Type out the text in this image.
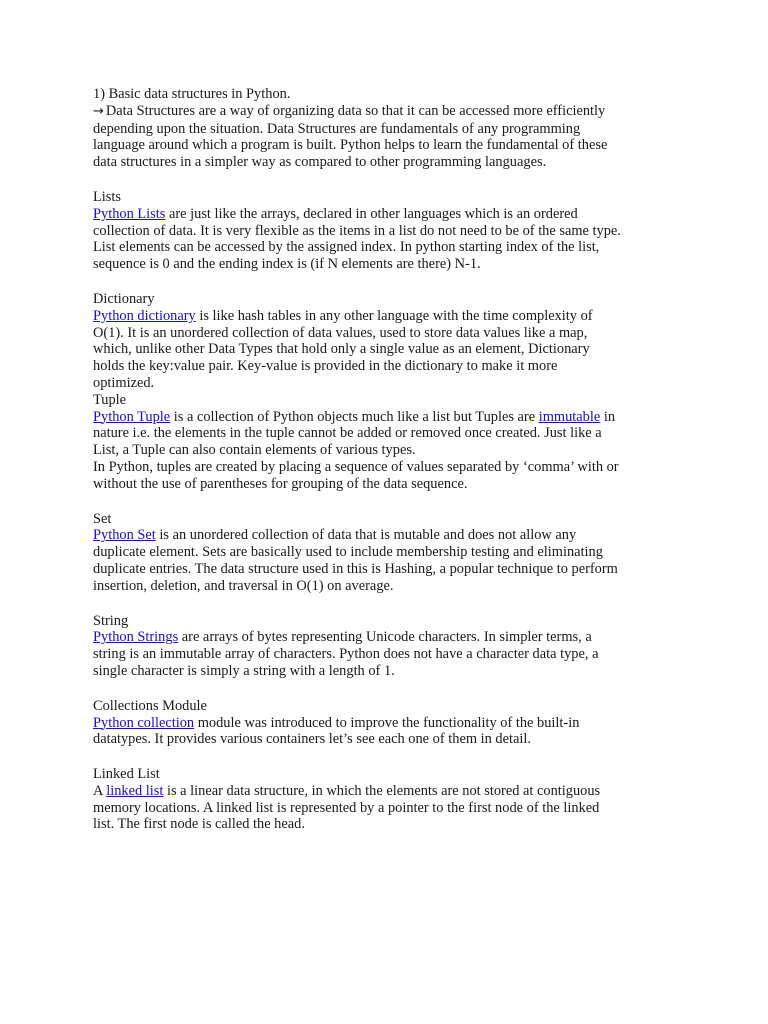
1) Basic data structures in Python.
→ Data Structures are a way of organizing data so that it can be accessed more efficiently
depending upon the situation. Data Structures are fundamentals of any programming
language around which a program is built. Python helps to learn the fundamental of these
data structures in a simpler way as compared to other programming languages.
Lists
Python Lists are just like the arrays, declared in other languages which is an ordered
collection of data. It is very flexible as the items in a list do not need to be of the same type.
List elements can be accessed by the assigned index. In python starting index of the list,
sequence is 0 and the ending index is (if N elements are there) N-1.
Dictionary
Python dictionary is like hash tables in any other language with the time complexity of
O(1). It is an unordered collection of data values, used to store data values like a map,
which, unlike other Data Types that hold only a single value as an element, Dictionary
holds the key:value pair. Key-value is provided in the dictionary to make it more
optimized.
Tuple
Python Tuple is a collection of Python objects much like a list but Tuples are immutable in
nature i.e. the elements in the tuple cannot be added or removed once created. Just like a
List, a Tuple can also contain elements of various types.
In Python, tuples are created by placing a sequence of values separated by ‘comma’ with or
without the use of parentheses for grouping of the data sequence.
Set
Python Set is an unordered collection of data that is mutable and does not allow any
duplicate element. Sets are basically used to include membership testing and eliminating
duplicate entries. The data structure used in this is Hashing, a popular technique to perform
insertion, deletion, and traversal in O(1) on average.
String
Python Strings are arrays of bytes representing Unicode characters. In simpler terms, a
string is an immutable array of characters. Python does not have a character data type, a
single character is simply a string with a length of 1.
Collections Module
Python collection module was introduced to improve the functionality of the built-in
datatypes. It provides various containers let’s see each one of them in detail.
Linked List
A linked list is a linear data structure, in which the elements are not stored at contiguous
memory locations. A linked list is represented by a pointer to the first node of the linked
list. The first node is called the head.
